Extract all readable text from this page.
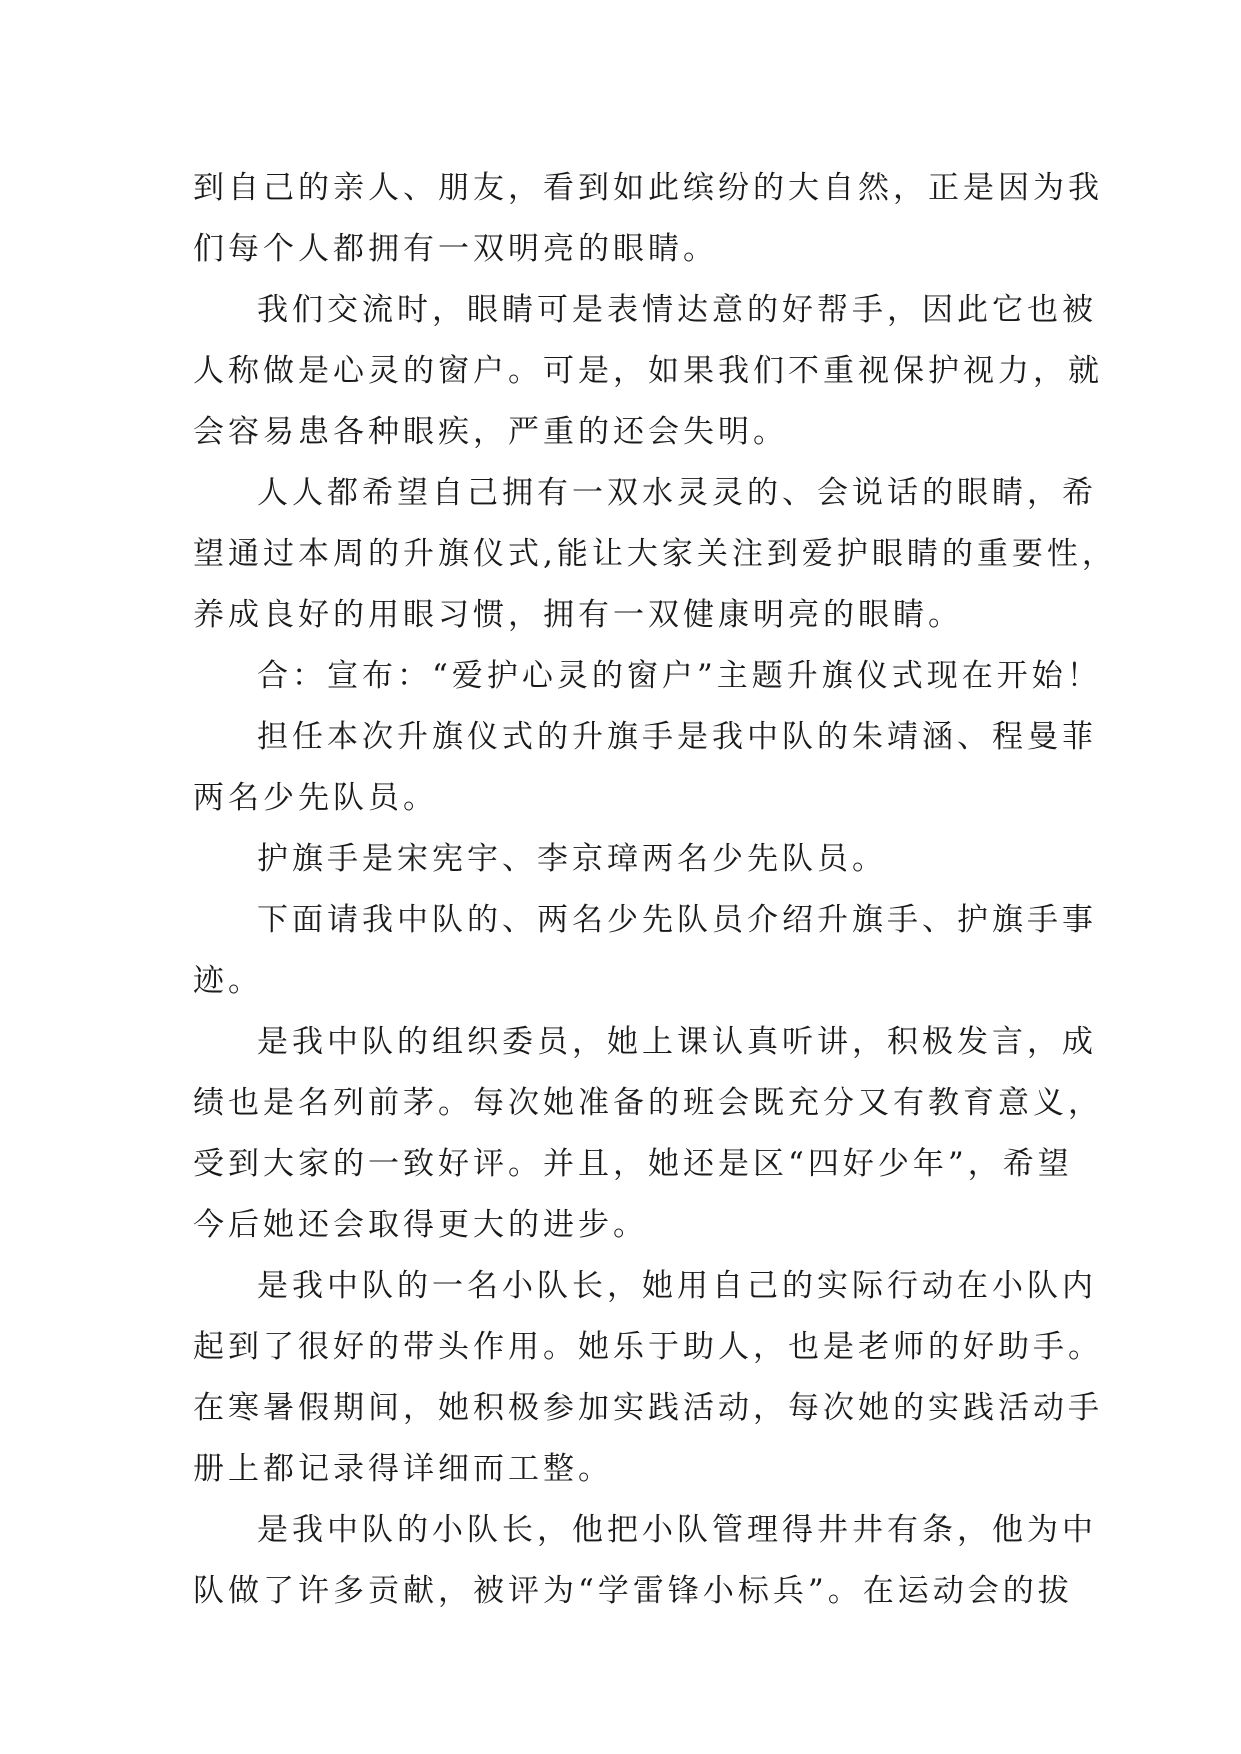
到自己的亲人、朋友，看到如此缤纷的大自然，正是因为我
们每个人都拥有一双明亮的眼睛。
我们交流时，眼睛可是表情达意的好帮手，因此它也被
人称做是心灵的窗户。可是，如果我们不重视保护视力，就
会容易患各种眼疾，严重的还会失明。
人人都希望自己拥有一双水灵灵的、会说话的眼睛，希
望通过本周的升旗仪式,能让大家关注到爱护眼睛的重要性，
养成良好的用眼习惯，拥有一双健康明亮的眼睛。
合：宣布：“爱护心灵的窗户”主题升旗仪式现在开始！
担任本次升旗仪式的升旗手是我中队的朱靖涵、程曼菲
两名少先队员。
护旗手是宋宪宇、李京璋两名少先队员。
下面请我中队的、两名少先队员介绍升旗手、护旗手事
迹。
是我中队的组织委员，她上课认真听讲，积极发言，成
绩也是名列前茅。每次她准备的班会既充分又有教育意义，
受到大家的一致好评。并且，她还是区“四好少年”，希望
今后她还会取得更大的进步。
是我中队的一名小队长，她用自己的实际行动在小队内
起到了很好的带头作用。她乐于助人，也是老师的好助手。
在寒暑假期间，她积极参加实践活动，每次她的实践活动手
册上都记录得详细而工整。
是我中队的小队长，他把小队管理得井井有条，他为中
队做了许多贡献，被评为“学雷锋小标兵”。在运动会的拔
